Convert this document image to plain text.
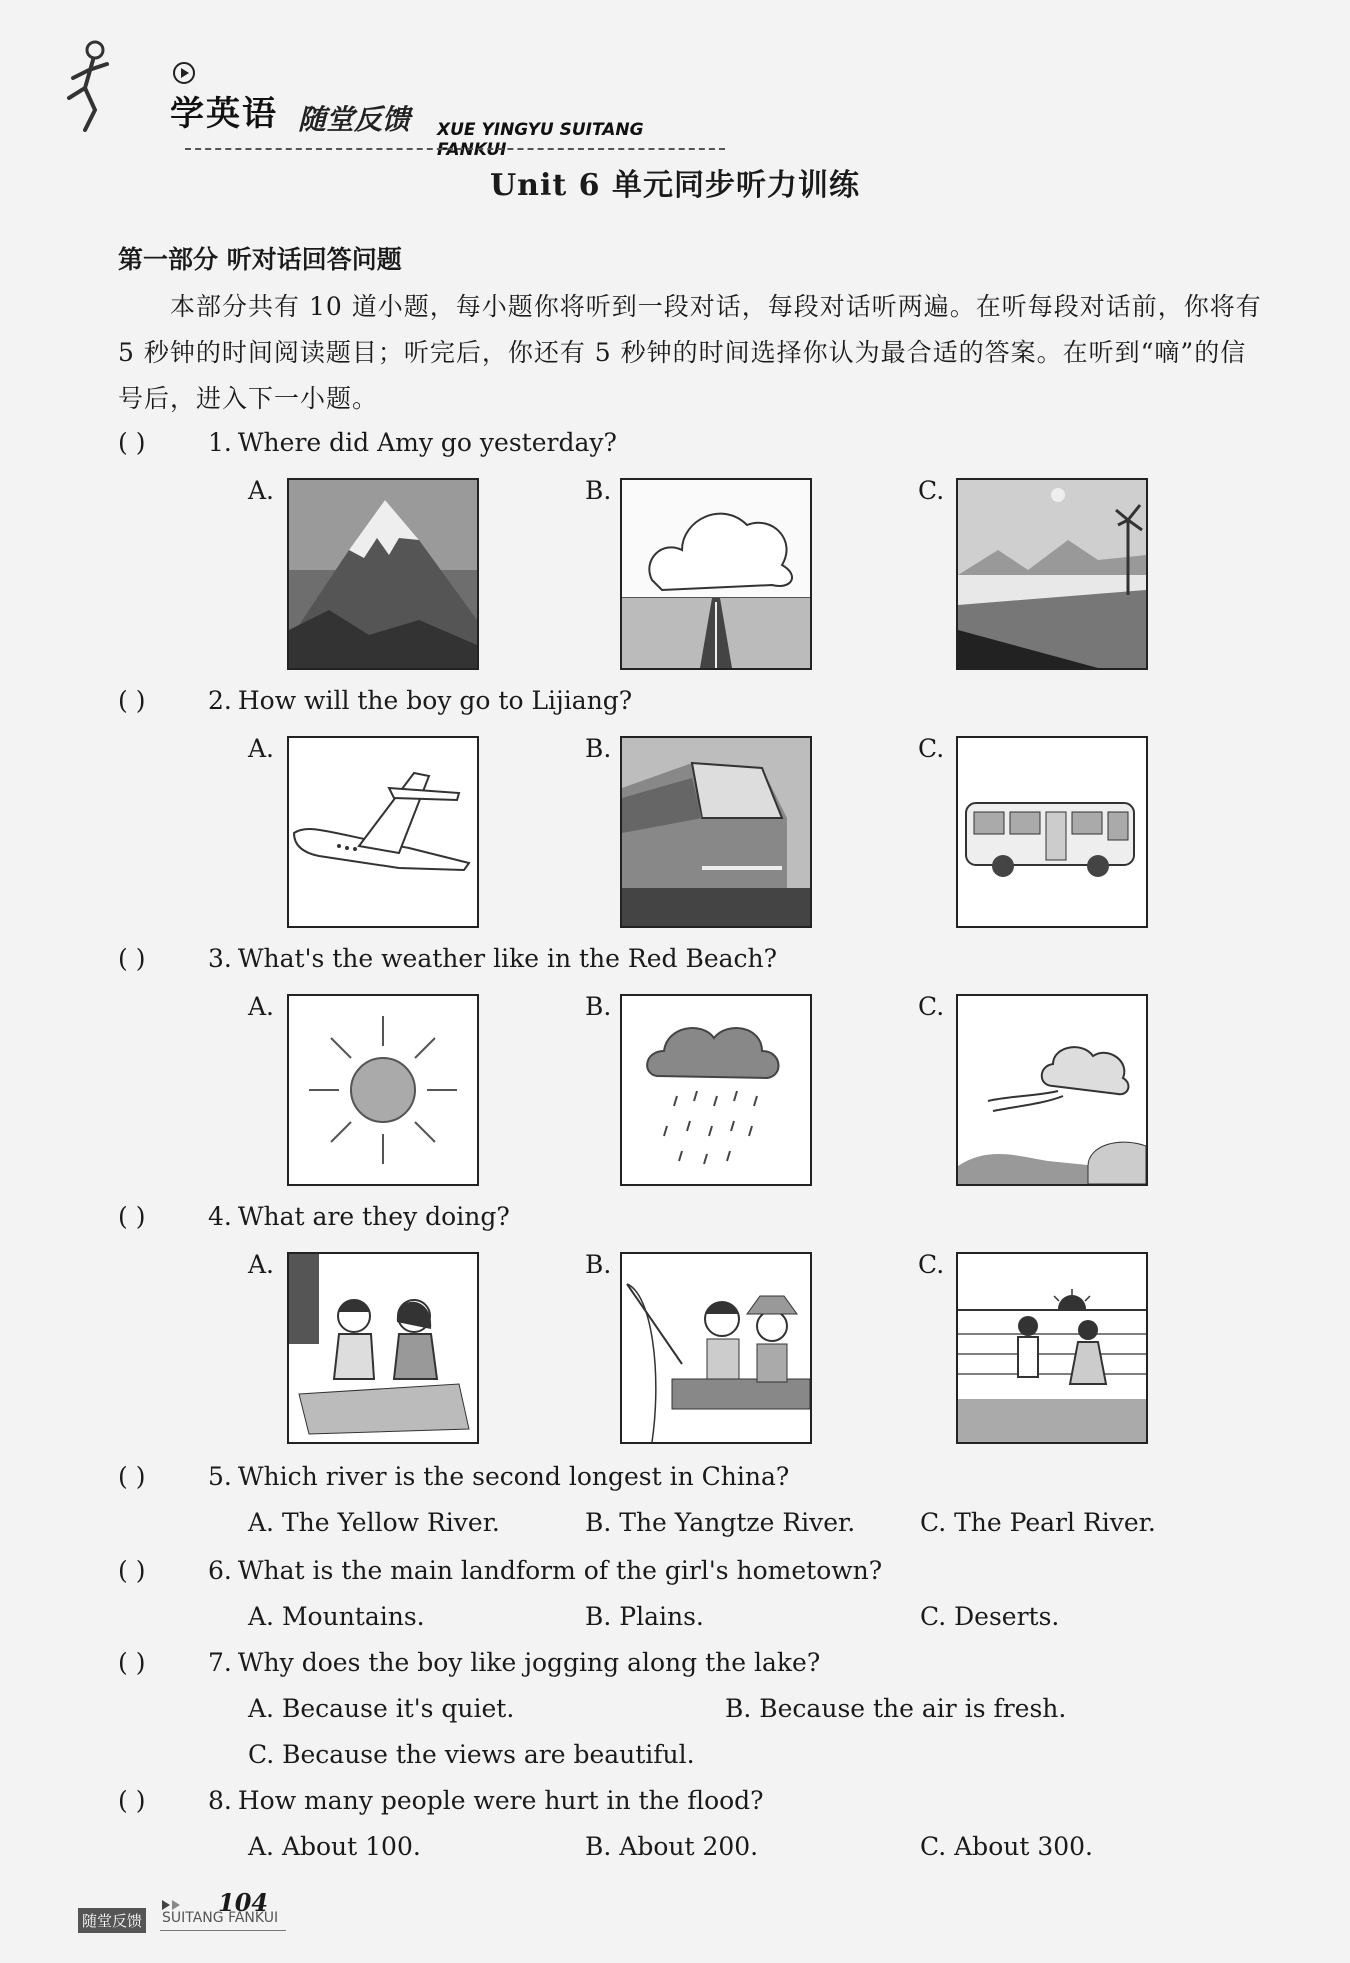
学英语 随堂反馈 XUE YINGYU SUITANG FANKUI
Unit 6 单元同步听力训练
第一部分 听对话回答问题
本部分共有 10 道小题，每小题你将听到一段对话，每段对话听两遍。在听每段对话前，你将有 5 秒钟的时间阅读题目；听完后，你还有 5 秒钟的时间选择你认为最合适的答案。在听到“嘀”的信号后，进入下一小题。
( )	1. Where did Amy go yesterday?
A.	B.	C.
( )	2. How will the boy go to Lijiang?
A.	B.	C.
( )	3. What's the weather like in the Red Beach?
A.	B.	C.
( )	4. What are they doing?
A.	B.	C.
( )	5. Which river is the second longest in China?
A. The Yellow River.	B. The Yangtze River.	C. The Pearl River.
( )	6. What is the main landform of the girl's hometown?
A. Mountains.	B. Plains.	C. Deserts.
( )	7. Why does the boy like jogging along the lake?
A. Because it's quiet.	B. Because the air is fresh.
C. Because the views are beautiful.
( )	8. How many people were hurt in the flood?
A. About 100.	B. About 200.	C. About 300.
104
随堂反馈 SUITANG FANKUI
